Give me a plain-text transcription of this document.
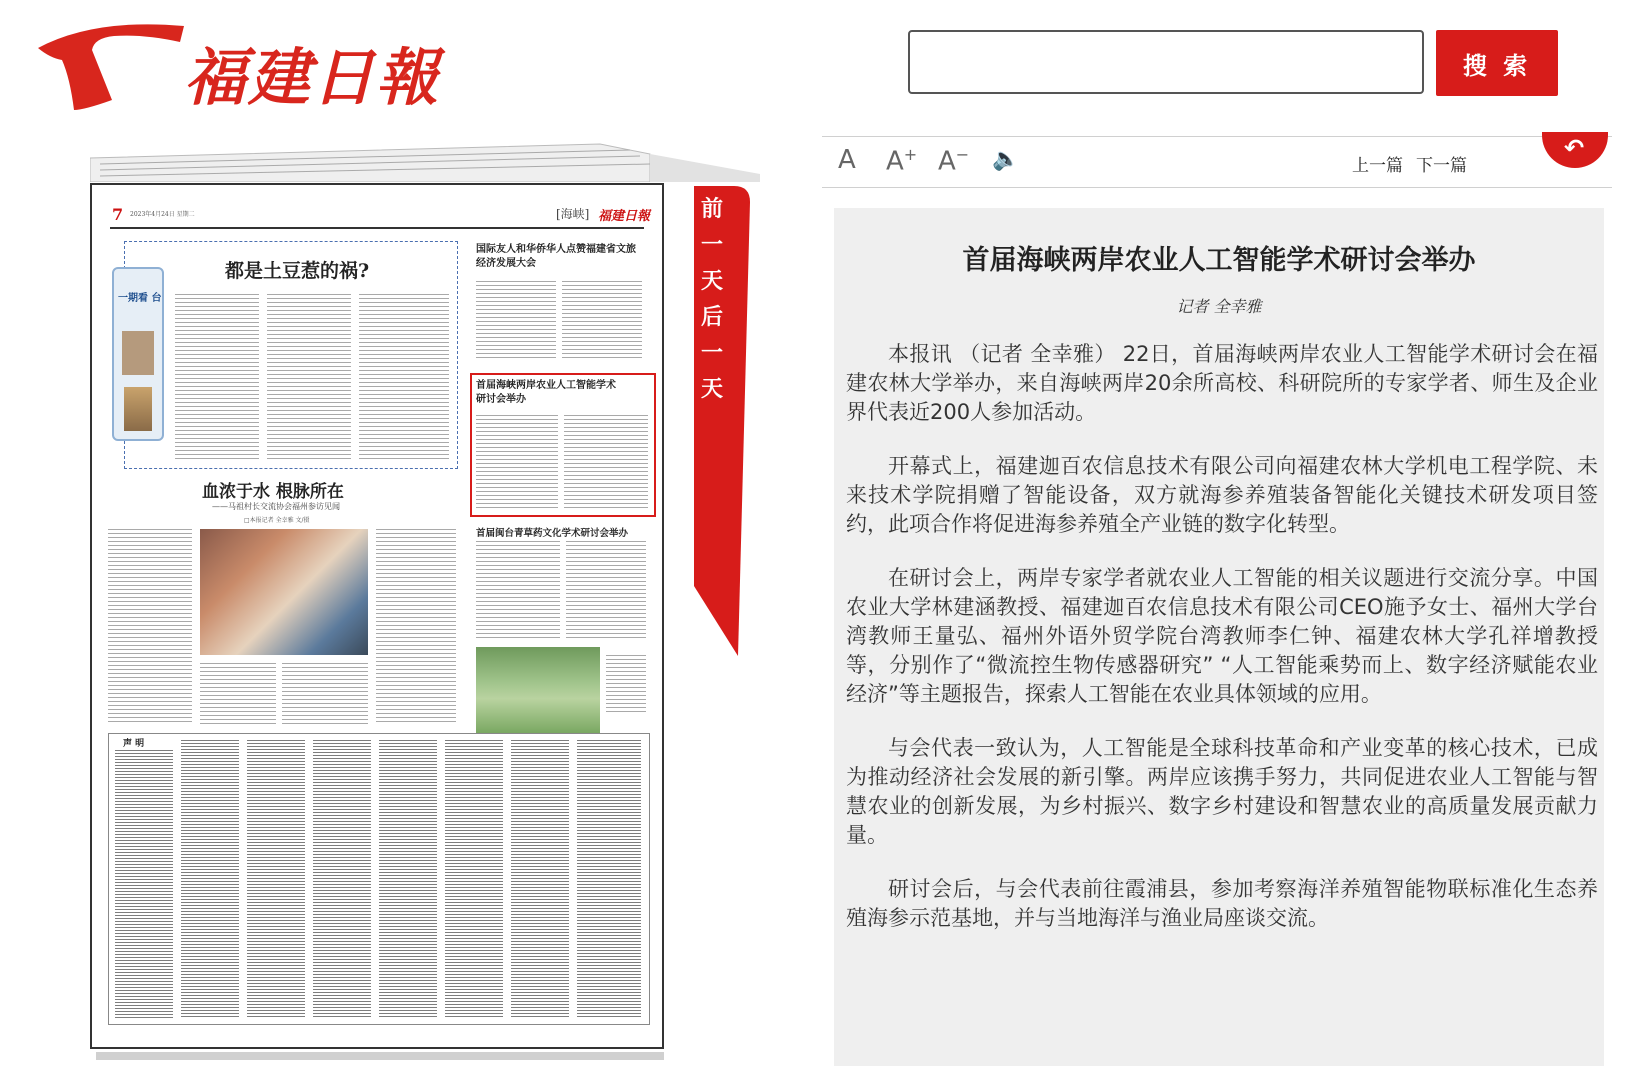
福建日報	搜 索
前一天 后一天
7 2023年4月24日 星期二	[海峡] 福建日報
都是土豆惹的祸?
一期看 台
国际友人和华侨华人点赞福建省文旅经济发展大会
首届海峡两岸农业人工智能学术研讨会举办
血浓于水 根脉所在
——马祖村长交流协会福州参访见闻
□本报记者 全幸雅 文/摄
首届闽台青草药文化学术研讨会举办
声 明
A A+ A− 🔈	上一篇 下一篇
↶
首届海峡两岸农业人工智能学术研讨会举办
记者 全幸雅

本报讯 （记者 全幸雅） 22日，首届海峡两岸农业人工智能学术研讨会在福建农林大学举办，来自海峡两岸20余所高校、科研院所的专家学者、师生及企业界代表近200人参加活动。

开幕式上，福建迦百农信息技术有限公司向福建农林大学机电工程学院、未来技术学院捐赠了智能设备，双方就海参养殖装备智能化关键技术研发项目签约，此项合作将促进海参养殖全产业链的数字化转型。

在研讨会上，两岸专家学者就农业人工智能的相关议题进行交流分享。中国农业大学林建涵教授、福建迦百农信息技术有限公司CEO施予女士、福州大学台湾教师王量弘、福州外语外贸学院台湾教师李仁钟、福建农林大学孔祥增教授等，分别作了“微流控生物传感器研究” “人工智能乘势而上、数字经济赋能农业经济”等主题报告，探索人工智能在农业具体领域的应用。

与会代表一致认为，人工智能是全球科技革命和产业变革的核心技术，已成为推动经济社会发展的新引擎。两岸应该携手努力，共同促进农业人工智能与智慧农业的创新发展，为乡村振兴、数字乡村建设和智慧农业的高质量发展贡献力量。

研讨会后，与会代表前往霞浦县，参加考察海洋养殖智能物联标准化生态养殖海参示范基地，并与当地海洋与渔业局座谈交流。
